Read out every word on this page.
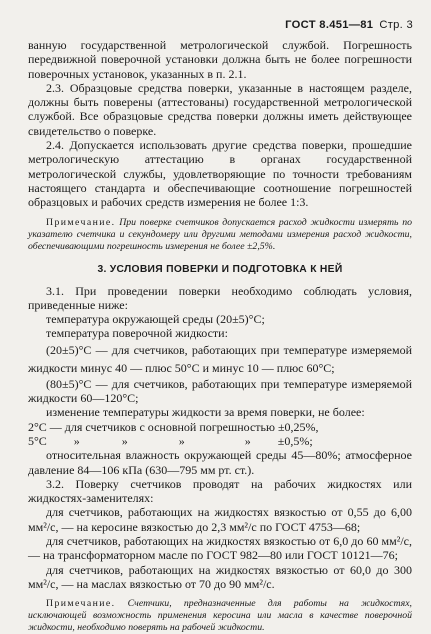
ГОСТ 8.451—81 Стр. 3

ванную государственной метрологической службой. Погрешность передвижной поверочной установки должна быть не более погрешности поверочных установок, указанных в п. 2.1.

2.3. Образцовые средства поверки, указанные в настоящем разделе, должны быть поверены (аттестованы) государственной метрологической службой. Все образцовые средства поверки должны иметь действующее свидетельство о поверке.

2.4. Допускается использовать другие средства поверки, прошедшие метрологическую аттестацию в органах государственной метрологической службы, удовлетворяющие по точности требованиям настоящего стандарта и обеспечивающие соотношение погрешностей образцовых и рабочих средств измерения не более 1:3.

Примечание. При поверке счетчиков допускается расход жидкости измерять по указателю счетчика и секундомеру или другими методами измерения расход жидкости, обеспечивающими погрешность измерения не более ±2,5%.

3. УСЛОВИЯ ПОВЕРКИ И ПОДГОТОВКА К НЕЙ

3.1. При проведении поверки необходимо соблюдать условия, приведенные ниже:

температура окружающей среды (20±5)°С;

температура поверочной жидкости:

(20±5)°С — для счетчиков, работающих при температуре измеряемой жидкости минус 40 — плюс 50°С и минус 10 — плюс 60°С;

(80±5)°С — для счетчиков, работающих при температуре измеряемой жидкости 60—120°С;

изменение температуры жидкости за время поверки, не более:

2°С — для счетчиков с основной погрешностью ±0,25%,

5°С         »              »                 »                    »         ±0,5%;

относительная влажность окружающей среды 45—80%; атмосферное давление 84—106 кПа (630—795 мм рт. ст.).

3.2. Поверку счетчиков проводят на рабочих жидкостях или жидкостях-заменителях:

для счетчиков, работающих на жидкостях вязкостью от 0,55 до 6,00 мм²/с, — на керосине вязкостью до 2,3 мм²/с по ГОСТ 4753—68;

для счетчиков, работающих на жидкостях вязкостью от 6,0 до 60 мм²/с, — на трансформаторном масле по ГОСТ 982—80 или ГОСТ 10121—76;

для счетчиков, работающих на жидкостях вязкостью от 60,0 до 300 мм²/с, — на маслах вязкостью от 70 до 90 мм²/с.

Примечание. Счетчики, предназначенные для работы на жидкостях, исключающей возможность применения керосина или масла в качестве поверочной жидкости, необходимо поверять на рабочей жидкости.
